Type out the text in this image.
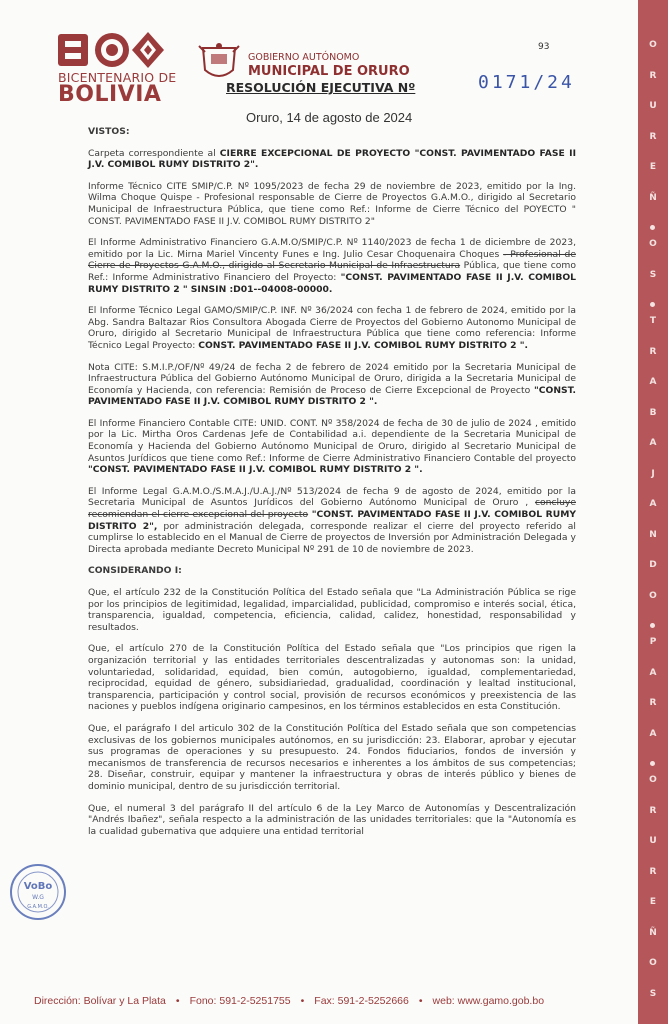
O
R
U
R
E
Ñ
O
S
T
R
A
B
A
J
A
N
D
O
P
A
R
A
O
R
U
R
E
Ñ
O
S
BICENTENARIO DE
BOLIVIA
93
GOBIERNO AUTÓNOMO
MUNICIPAL DE ORURO
RESOLUCIÓN EJECUTIVA Nº	0171/24
Oruro, 14 de agosto de 2024
VISTOS:

Carpeta correspondiente al CIERRE EXCEPCIONAL DE PROYECTO "CONST. PAVIMENTADO FASE II J.V. COMIBOL RUMY DISTRITO 2".

Informe Técnico CITE SMIP/C.P. Nº 1095/2023 de fecha 29 de noviembre de 2023, emitido por la Ing. Wilma Choque Quispe - Profesional responsable de Cierre de Proyectos G.A.M.O., dirigido al Secretario Municipal de Infraestructura Pública, que tiene como Ref.: Informe de Cierre Técnico del POYECTO " CONST. PAVIMENTADO FASE II J.V. COMIBOL RUMY DISTRITO 2"

El Informe Administrativo Financiero G.A.M.O/SMIP/C.P. Nº 1140/2023 de fecha 1 de diciembre de 2023, emitido por la Lic. Mirna Mariel Vincenty Funes e Ing. Julio Cesar Choquenaira Choques - Profesional de Cierre de Proyectos G.A.M.O., dirigido al Secretario Municipal de Infraestructura Pública, que tiene como Ref.: Informe Administrativo Financiero del Proyecto: "CONST. PAVIMENTADO FASE II J.V. COMIBOL RUMY DISTRITO 2 " SINSIN :D01--04008-00000.

El Informe Técnico Legal GAMO/SMIP/C.P. INF. Nº 36/2024 con fecha 1 de febrero de 2024, emitido por la Abg. Sandra Baltazar Rios Consultora Abogada Cierre de Proyectos del Gobierno Autonomo Municipal de Oruro, dirigido al Secretario Municipal de Infraestructura Pública que tiene como referencia: Informe Técnico Legal Proyecto: CONST. PAVIMENTADO FASE II J.V. COMIBOL RUMY DISTRITO 2 ".

Nota CITE: S.M.I.P./OF/Nº 49/24 de fecha 2 de febrero de 2024 emitido por la Secretaria Municipal de Infraestructura Pública del Gobierno Autónomo Municipal de Oruro, dirigida a la Secretaria Municipal de Economía y Hacienda, con referencia: Remisión de Proceso de Cierre Excepcional de Proyecto "CONST. PAVIMENTADO FASE II J.V. COMIBOL RUMY DISTRITO 2 ".

El Informe Financiero Contable CITE: UNID. CONT. Nº 358/2024 de fecha de 30 de julio de 2024 , emitido por la Lic. Mirtha Oros Cardenas Jefe de Contabilidad a.i. dependiente de la Secretaria Municipal de Economía y Hacienda del Gobierno Autónomo Municipal de Oruro, dirigido al Secretario Municipal de Asuntos Jurídicos que tiene como Ref.: Informe de Cierre Administrativo Financiero Contable del proyecto "CONST. PAVIMENTADO FASE II J.V. COMIBOL RUMY DISTRITO 2 ".

El Informe Legal G.A.M.O./S.M.A.J./U.A.J./Nº 513/2024 de fecha 9 de agosto de 2024, emitido por la Secretaria Municipal de Asuntos Jurídicos del Gobierno Autónomo Municipal de Oruro , concluye recomiendan el cierre excepcional del proyecto "CONST. PAVIMENTADO FASE II J.V. COMIBOL RUMY DISTRITO 2", por administración delegada, corresponde realizar el cierre del proyecto referido al cumplirse lo establecido en el Manual de Cierre de proyectos de Inversión por Administración Delegada y Directa aprobada mediante Decreto Municipal Nº 291 de 10 de noviembre de 2023.

CONSIDERANDO I:

Que, el artículo 232 de la Constitución Política del Estado señala que "La Administración Pública se rige por los principios de legitimidad, legalidad, imparcialidad, publicidad, compromiso e interés social, ética, transparencia, igualdad, competencia, eficiencia, calidad, calidez, honestidad, responsabilidad y resultados.

Que, el artículo 270 de la Constitución Política del Estado señala que "Los principios que rigen la organización territorial y las entidades territoriales descentralizadas y autonomas son: la unidad, voluntariedad, solidaridad, equidad, bien común, autogobierno, igualdad, complementariedad, reciprocidad, equidad de género, subsidiariedad, gradualidad, coordinación y lealtad institucional, transparencia, participación y control social, provisión de recursos económicos y preexistencia de las naciones y pueblos indígena originario campesinos, en los términos establecidos en esta Constitución.

Que, el parágrafo I del articulo 302 de la Constitución Política del Estado señala que son competencias exclusivas de los gobiernos municipales autónomos, en su jurisdicción: 23. Elaborar, aprobar y ejecutar sus programas de operaciones y su presupuesto. 24. Fondos fiduciarios, fondos de inversión y mecanismos de transferencia de recursos necesarios e inherentes a los ámbitos de sus competencias; 28. Diseñar, construir, equipar y mantener la infraestructura y obras de interés público y bienes de dominio municipal, dentro de su jurisdicción territorial.

Que, el numeral 3 del parágrafo II del artículo 6 de la Ley Marco de Autonomías y Descentralización "Andrés Ibañez", señala respecto a la administración de las unidades territoriales: que la "Autonomía es la cualidad gubernativa que adquiere una entidad territorial

VoBo
W.G
G.A.M.O.
Dirección: Bolívar y La Plata • Fono: 591-2-5251755 • Fax: 591-2-5252666 • web: www.gamo.gob.bo
